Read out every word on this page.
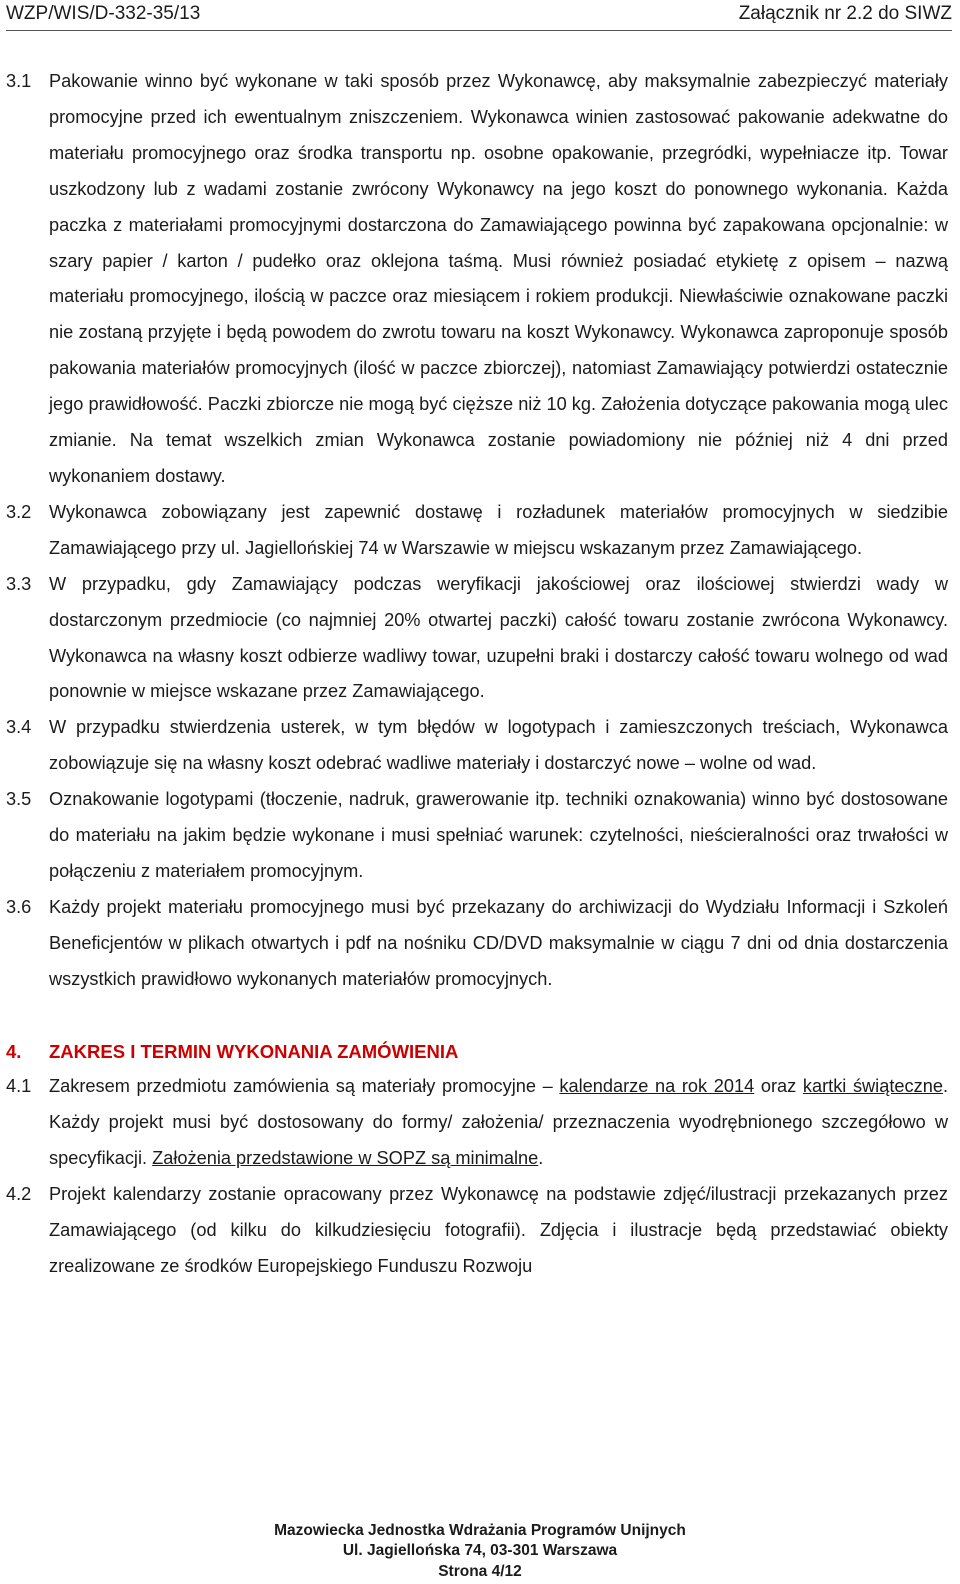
WZP/WIS/D-332-35/13	Załącznik nr 2.2 do SIWZ
3.1 Pakowanie winno być wykonane w taki sposób przez Wykonawcę, aby maksymalnie zabezpieczyć materiały promocyjne przed ich ewentualnym zniszczeniem. Wykonawca winien zastosować pakowanie adekwatne do materiału promocyjnego oraz środka transportu np. osobne opakowanie, przegródki, wypełniacze itp. Towar uszkodzony lub z wadami zostanie zwrócony Wykonawcy na jego koszt do ponownego wykonania. Każda paczka z materiałami promocyjnymi dostarczona do Zamawiającego powinna być zapakowana opcjonalnie: w szary papier / karton / pudełko oraz oklejona taśmą. Musi również posiadać etykietę z opisem – nazwą materiału promocyjnego, ilością w paczce oraz miesiącem i rokiem produkcji. Niewłaściwie oznakowane paczki nie zostaną przyjęte i będą powodem do zwrotu towaru na koszt Wykonawcy. Wykonawca zaproponuje sposób pakowania materiałów promocyjnych (ilość w paczce zbiorczej), natomiast Zamawiający potwierdzi ostatecznie jego prawidłowość. Paczki zbiorcze nie mogą być cięższe niż 10 kg. Założenia dotyczące pakowania mogą ulec zmianie. Na temat wszelkich zmian Wykonawca zostanie powiadomiony nie później niż 4 dni przed wykonaniem dostawy.
3.2 Wykonawca zobowiązany jest zapewnić dostawę i rozładunek materiałów promocyjnych w siedzibie Zamawiającego przy ul. Jagiellońskiej 74 w Warszawie w miejscu wskazanym przez Zamawiającego.
3.3 W przypadku, gdy Zamawiający podczas weryfikacji jakościowej oraz ilościowej stwierdzi wady w dostarczonym przedmiocie (co najmniej 20% otwartej paczki) całość towaru zostanie zwrócona Wykonawcy. Wykonawca na własny koszt odbierze wadliwy towar, uzupełni braki i dostarczy całość towaru wolnego od wad ponownie w miejsce wskazane przez Zamawiającego.
3.4 W przypadku stwierdzenia usterek, w tym błędów w logotypach i zamieszczonych treściach, Wykonawca zobowiązuje się na własny koszt odebrać wadliwe materiały i dostarczyć nowe – wolne od wad.
3.5 Oznakowanie logotypami (tłoczenie, nadruk, grawerowanie itp. techniki oznakowania) winno być dostosowane do materiału na jakim będzie wykonane i musi spełniać warunek: czytelności, nieścieralności oraz trwałości w połączeniu z materiałem promocyjnym.
3.6 Każdy projekt materiału promocyjnego musi być przekazany do archiwizacji do Wydziału Informacji i Szkoleń Beneficjentów w plikach otwartych i pdf na nośniku CD/DVD maksymalnie w ciągu 7 dni od dnia dostarczenia wszystkich prawidłowo wykonanych materiałów promocyjnych.
4. ZAKRES I TERMIN WYKONANIA ZAMÓWIENIA
4.1 Zakresem przedmiotu zamówienia są materiały promocyjne – kalendarze na rok 2014 oraz kartki świąteczne. Każdy projekt musi być dostosowany do formy/ założenia/ przeznaczenia wyodrębnionego szczegółowo w specyfikacji. Założenia przedstawione w SOPZ są minimalne.
4.2 Projekt kalendarzy zostanie opracowany przez Wykonawcę na podstawie zdjęć/ilustracji przekazanych przez Zamawiającego (od kilku do kilkudziesięciu fotografii). Zdjęcia i ilustracje będą przedstawiać obiekty zrealizowane ze środków Europejskiego Funduszu Rozwoju
Mazowiecka Jednostka Wdrażania Programów Unijnych
Ul. Jagiellońska 74, 03-301 Warszawa
Strona 4/12
